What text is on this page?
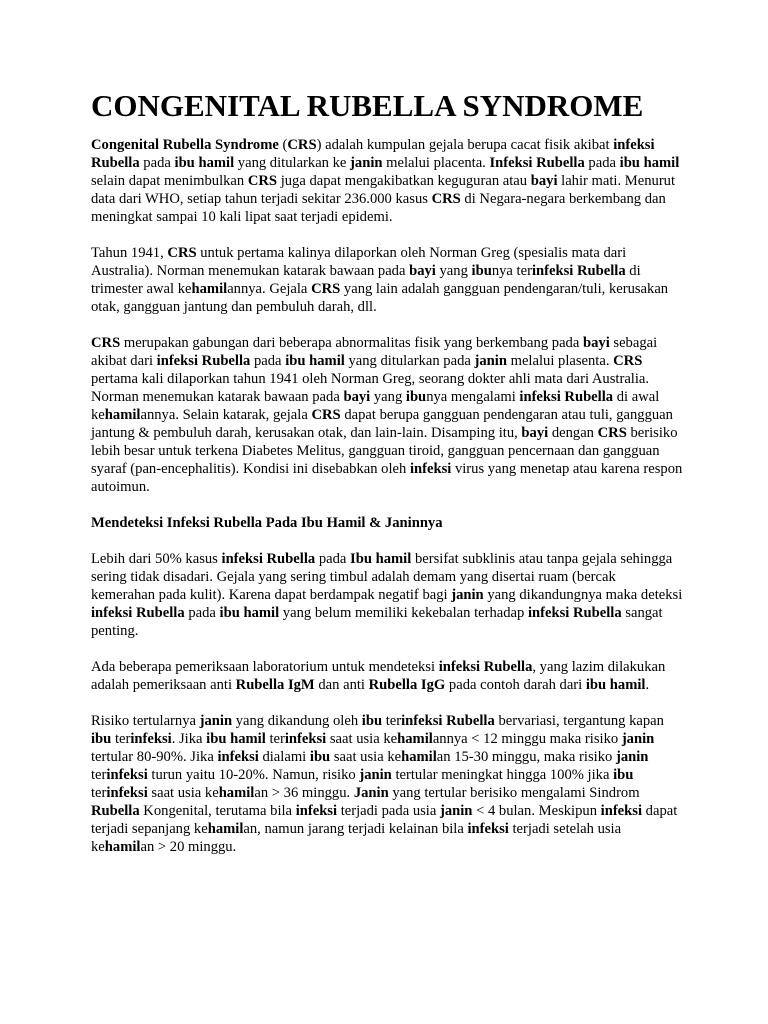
CONGENITAL RUBELLA SYNDROME

Congenital Rubella Syndrome (CRS) adalah kumpulan gejala berupa cacat fisik akibat infeksi Rubella pada ibu hamil yang ditularkan ke janin melalui placenta. Infeksi Rubella pada ibu hamil selain dapat menimbulkan CRS juga dapat mengakibatkan keguguran atau bayi lahir mati. Menurut data dari WHO, setiap tahun terjadi sekitar 236.000 kasus CRS di Negara-negara berkembang dan meningkat sampai 10 kali lipat saat terjadi epidemi.

Tahun 1941, CRS untuk pertama kalinya dilaporkan oleh Norman Greg (spesialis mata dari Australia). Norman menemukan katarak bawaan pada bayi yang ibunya terinfeksi Rubella di trimester awal kehamilannya. Gejala CRS yang lain adalah gangguan pendengaran/tuli, kerusakan otak, gangguan jantung dan pembuluh darah, dll.

CRS merupakan gabungan dari beberapa abnormalitas fisik yang berkembang pada bayi sebagai akibat dari infeksi Rubella pada ibu hamil yang ditularkan pada janin melalui plasenta. CRS pertama kali dilaporkan tahun 1941 oleh Norman Greg, seorang dokter ahli mata dari Australia. Norman menemukan katarak bawaan pada bayi yang ibunya mengalami infeksi Rubella di awal kehamilannya. Selain katarak, gejala CRS dapat berupa gangguan pendengaran atau tuli, gangguan jantung & pembuluh darah, kerusakan otak, dan lain-lain. Disamping itu, bayi dengan CRS berisiko lebih besar untuk terkena Diabetes Melitus, gangguan tiroid, gangguan pencernaan dan gangguan syaraf (pan-encephalitis). Kondisi ini disebabkan oleh infeksi virus yang menetap atau karena respon autoimun.

Mendeteksi Infeksi Rubella Pada Ibu Hamil & Janinnya

Lebih dari 50% kasus infeksi Rubella pada Ibu hamil bersifat subklinis atau tanpa gejala sehingga sering tidak disadari. Gejala yang sering timbul adalah demam yang disertai ruam (bercak kemerahan pada kulit). Karena dapat berdampak negatif bagi janin yang dikandungnya maka deteksi infeksi Rubella pada ibu hamil yang belum memiliki kekebalan terhadap infeksi Rubella sangat penting.

Ada beberapa pemeriksaan laboratorium untuk mendeteksi infeksi Rubella, yang lazim dilakukan adalah pemeriksaan anti Rubella IgM dan anti Rubella IgG pada contoh darah dari ibu hamil.

Risiko tertularnya janin yang dikandung oleh ibu terinfeksi Rubella bervariasi, tergantung kapan ibu terinfeksi. Jika ibu hamil terinfeksi saat usia kehamilannya < 12 minggu maka risiko janin tertular 80-90%. Jika infeksi dialami ibu saat usia kehamilan 15-30 minggu, maka risiko janin terinfeksi turun yaitu 10-20%. Namun, risiko janin tertular meningkat hingga 100% jika ibu terinfeksi saat usia kehamilan > 36 minggu. Janin yang tertular berisiko mengalami Sindrom Rubella Kongenital, terutama bila infeksi terjadi pada usia janin < 4 bulan. Meskipun infeksi dapat terjadi sepanjang kehamilan, namun jarang terjadi kelainan bila infeksi terjadi setelah usia kehamilan > 20 minggu.
